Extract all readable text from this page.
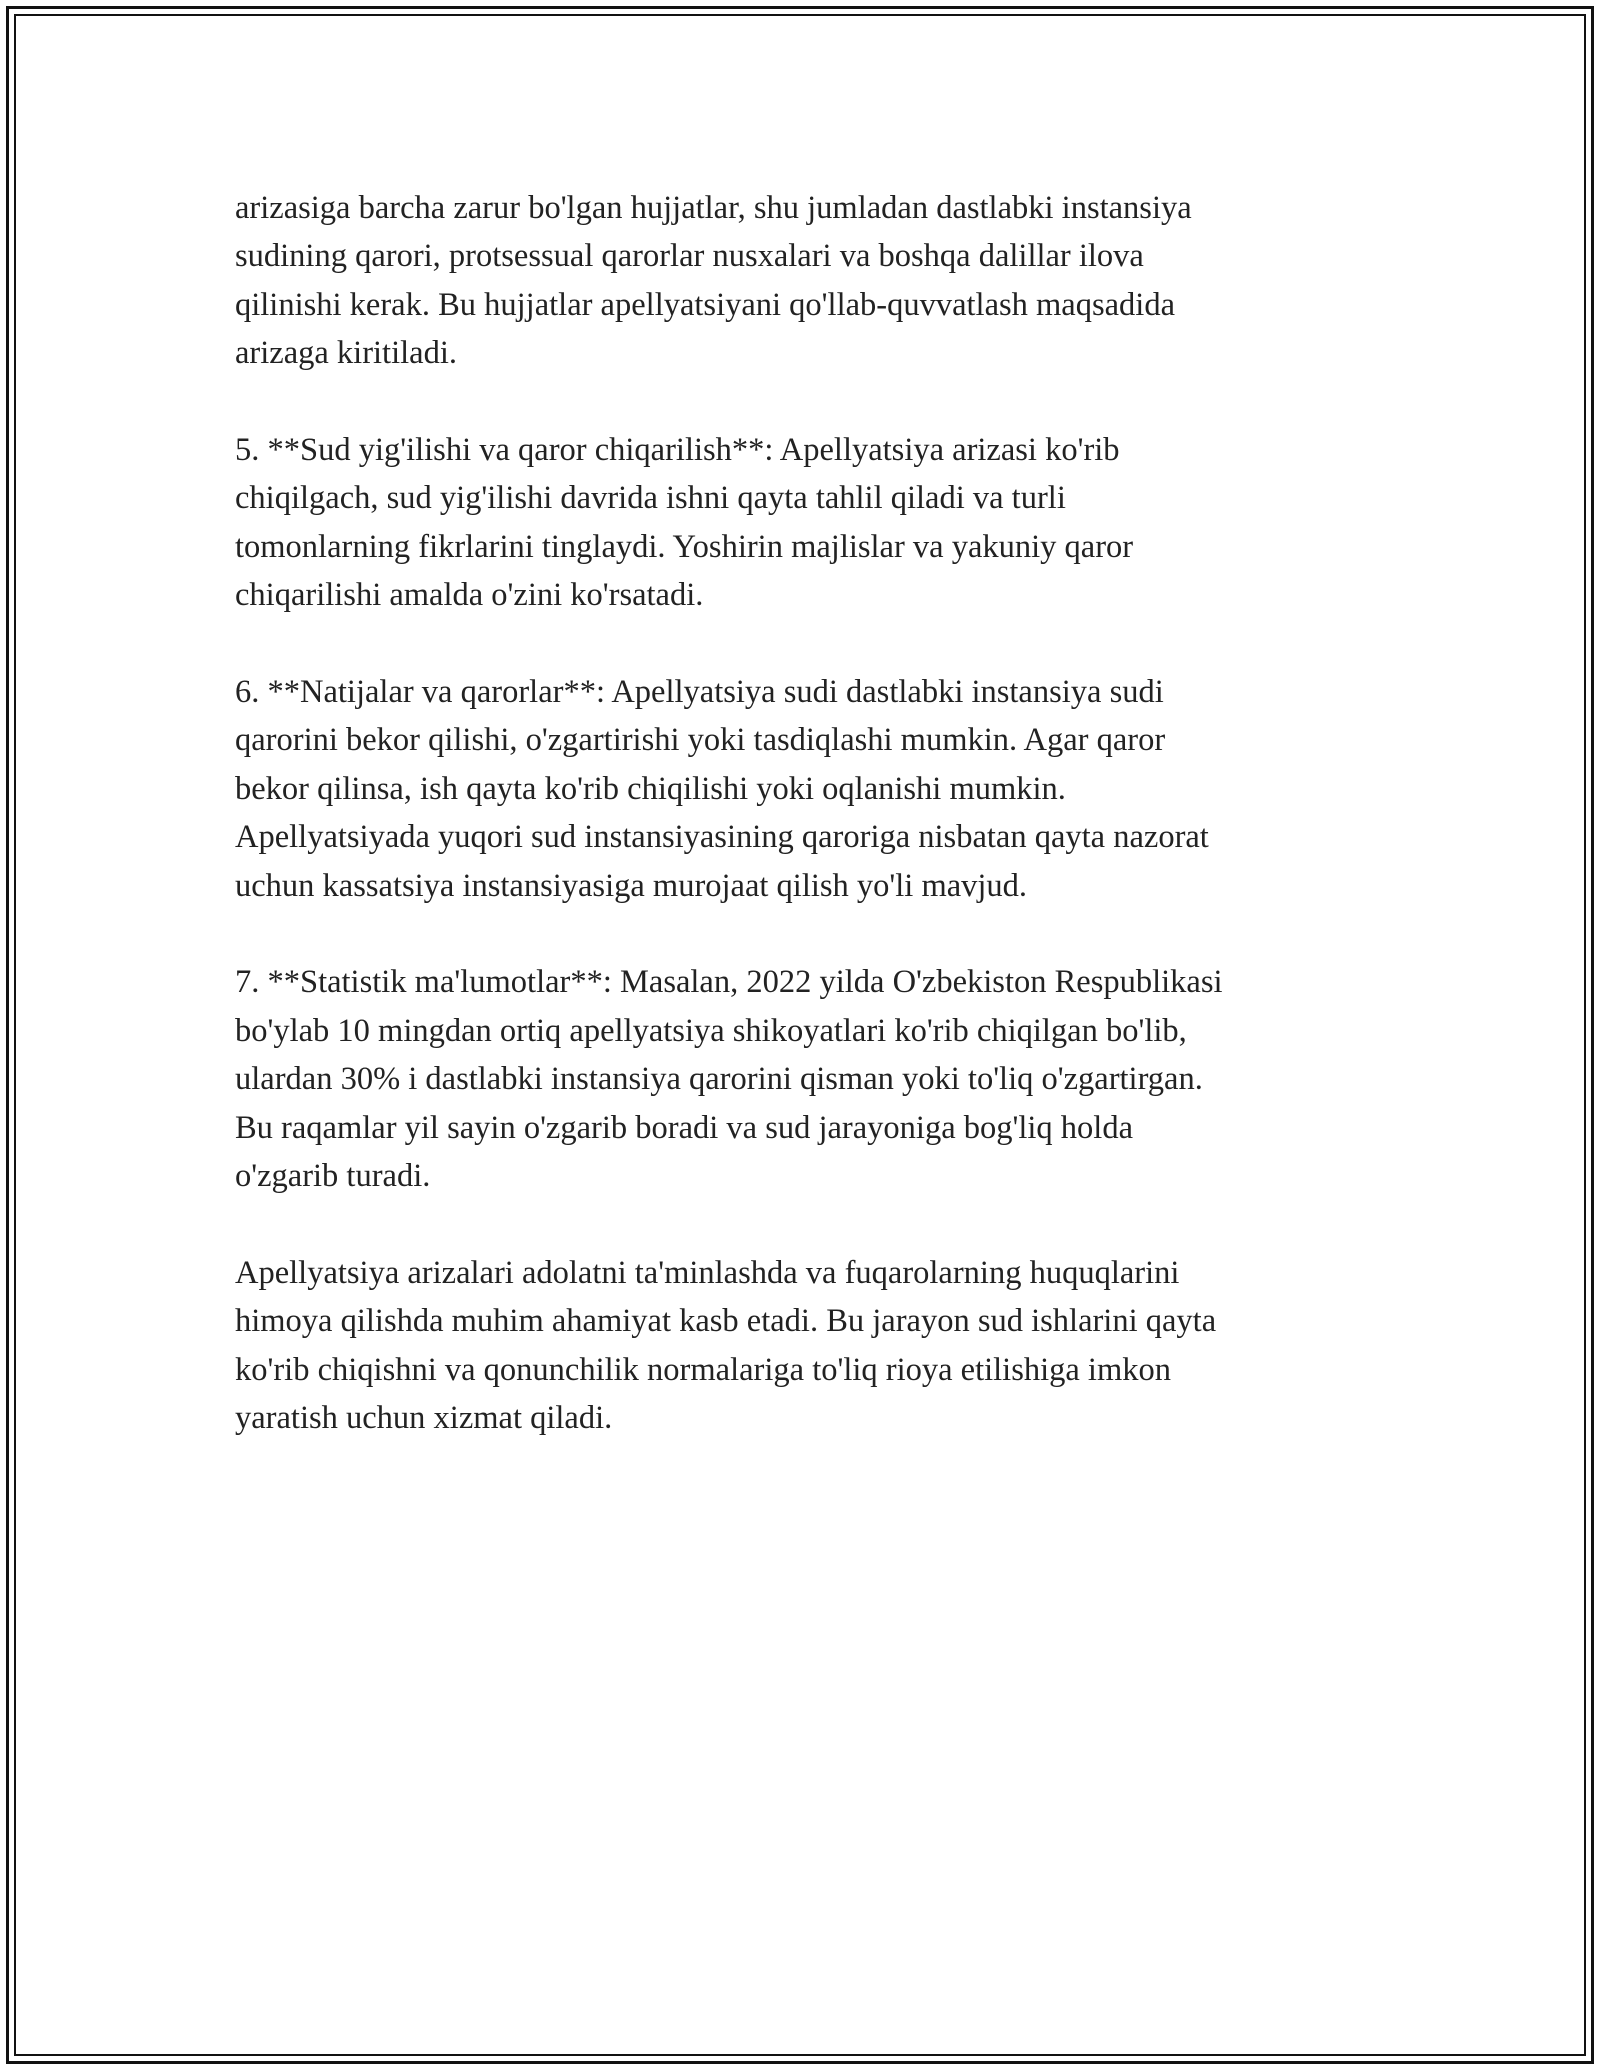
arizasiga barcha zarur bo'lgan hujjatlar, shu jumladan dastlabki instansiya
sudining qarori, protsessual qarorlar nusxalari va boshqa dalillar ilova
qilinishi kerak. Bu hujjatlar apellyatsiyani qo'llab-quvvatlash maqsadida
arizaga kiritiladi.

5. **Sud yig'ilishi va qaror chiqarilish**: Apellyatsiya arizasi ko'rib
chiqilgach, sud yig'ilishi davrida ishni qayta tahlil qiladi va turli
tomonlarning fikrlarini tinglaydi. Yoshirin majlislar va yakuniy qaror
chiqarilishi amalda o'zini ko'rsatadi.

6. **Natijalar va qarorlar**: Apellyatsiya sudi dastlabki instansiya sudi
qarorini bekor qilishi, o'zgartirishi yoki tasdiqlashi mumkin. Agar qaror
bekor qilinsa, ish qayta ko'rib chiqilishi yoki oqlanishi mumkin.
Apellyatsiyada yuqori sud instansiyasining qaroriga nisbatan qayta nazorat
uchun kassatsiya instansiyasiga murojaat qilish yo'li mavjud.

7. **Statistik ma'lumotlar**: Masalan, 2022 yilda O'zbekiston Respublikasi
bo'ylab 10 mingdan ortiq apellyatsiya shikoyatlari ko'rib chiqilgan bo'lib,
ulardan 30% i dastlabki instansiya qarorini qisman yoki to'liq o'zgartirgan.
Bu raqamlar yil sayin o'zgarib boradi va sud jarayoniga bog'liq holda
o'zgarib turadi.

Apellyatsiya arizalari adolatni ta'minlashda va fuqarolarning huquqlarini
himoya qilishda muhim ahamiyat kasb etadi. Bu jarayon sud ishlarini qayta
ko'rib chiqishni va qonunchilik normalariga to'liq rioya etilishiga imkon
yaratish uchun xizmat qiladi.
